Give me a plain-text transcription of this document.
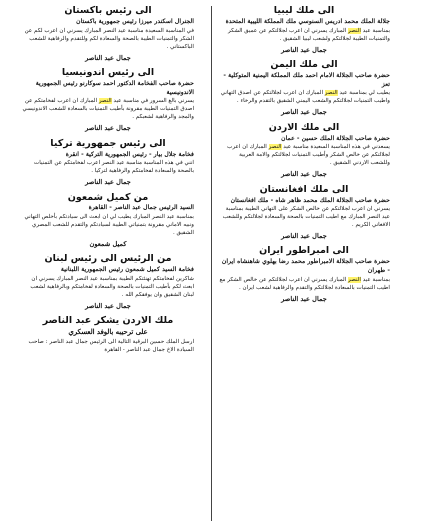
الى ملك ليبيا
جلالة الملك محمد ادريس السنوسي ملك المملكة الليبية المتحدة

بمناسبة عيد النصر المبارك يسرني ان اعرب لجلالتكم عن عميق الشكر والتمنيات الطيبة لجلالتكم ولشعب ليبيا الشقيق .

جمال عبد الناصر
الى ملك اليمن
حضرة صاحب الجلالة الامام احمد ملك المملكة اليمنية المتوكلية - تعز

يطيب لي بمناسبة عيد النصر المبارك ان اعرب لجلالتكم عن اصدق التهاني واطيب التمنيات لجلالتكم والشعب اليمني الشقيق بالتقدم والرخاء .

جمال عبد الناصر
الى ملك الاردن
حضرة صاحب الجلالة الملك حسين - عمان

يسعدني في هذه المناسبة السعيدة مناسبة عيد النصر المبارك ان اعرب لجلالتكم عن خالص الشكر وأطيب التمنيات لجلالتكم والامة العربية وللشعب الاردني الشقيق .

جمال عبد الناصر
الى ملك افغانستان
حضرة صاحب الجلالة الملك محمد ظاهر شاه - ملك افغانستان

يسرني ان اعرب لجلالتكم عن خالص الشكر على التهاني الطيبة بمناسبة عيد النصر المبارك مع اطيب التمنيات بالصحة والسعادة لجلالتكم وللشعب الافغاني الكريم .

جمال عبد الناصر
الى امبراطور ايران
حضرة صاحب الجلالة الامبراطور محمد رضا بهلوي شاهنشاه ايران - طهران

بمناسبة عيد النصر المبارك يسرني ان اعرب لجلالتكم عن خالص الشكر مع اطيب التمنيات بالسعادة لجلالتكم والتقدم والرفاهية لشعب ايران .

جمال عبد الناصر
الى رئيس باكستان
الجنرال اسكندر ميرزا رئيس جمهورية باكستان

في المناسبة السعيدة مناسبة عيد النصر المبارك يسرني ان اعرب لكم عن الشكر والتمنيات الطيبة بالصحة والسعادة لكم وللتقدم والرفاهية للشعب الباكستاني .

جمال عبد الناصر
الى رئيس اندونيسيا
حضرة صاحب الفخامة الدكتور احمد سوكارنو رئيس الجمهورية الاندونيسية

يسرني بالغ السرور في مناسبة عيد النصر المبارك ان اعرب لفخامتكم عن اصدق التمنيات الطيبة مقرونة بأطيب التمنيات بالسعادة للشعب الاندونيسي والمجد والرفاهية لشعبكم .

جمال عبد الناصر
الى رئيس جمهورية تركيا
فخامة جلال بيار - رئيس الجمهورية التركية - انقرة

انني في هذه المناسبة مناسبة عيد النصر اعرب لفخامتكم عن التمنيات بالصحة والسعادة لفخامتكم والرفاهية لتركيا .

جمال عبد الناصر
من كميل شمعون
السيد الرئيس جمال عبد الناصر - القاهرة

بمناسبة عيد النصر المبارك يطيب لي ان ابعث الى سيادتكم بأخلص التهاني ونبيه الاماني مقرونة بتمنياتي الطيبة لسيادتكم والتقدم للشعب المصري الشقيق .

كميل شمعون
من الرئيس الى رئيس لبنان
فخامة السيد كميل شمعون رئيس الجمهورية اللبنانية

شاكرين لفخامتكم تهنئتكم الطيبة بمناسبة عيد النصر المبارك يسرني ان ابعث لكم بأطيب التمنيات بالصحة والسعادة لفخامتكم وبالرفاهية لشعب لبنان الشقيق وان يوفقكم الله .

جمال عبد الناصر
ملك الاردن يشكر عبد الناصر
على ترحيبه بالوفد العسكري

ارسل الملك حسين البرقية التالية الى الرئيس جمال عبد الناصر : صاحب السيادة الاخ جمال عبد الناصر - القاهرة
